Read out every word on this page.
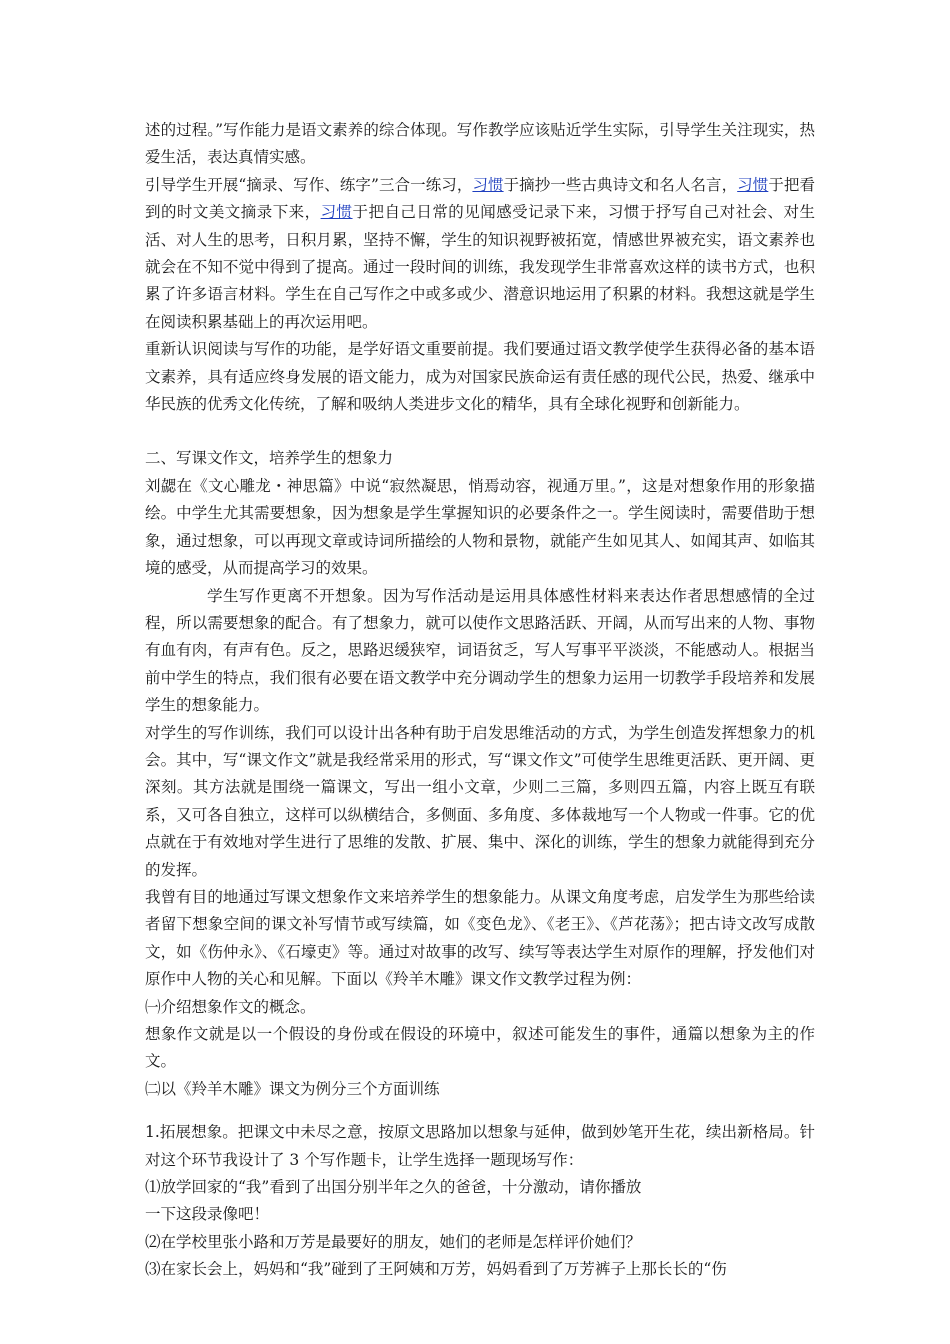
述的过程。”写作能力是语文素养的综合体现。写作教学应该贴近学生实际，引导学生关注现实，热爱生活，表达真情实感。

引导学生开展“摘录、写作、练字”三合一练习，习惯于摘抄一些古典诗文和名人名言，习惯于把看到的时文美文摘录下来，习惯于把自己日常的见闻感受记录下来，习惯于抒写自己对社会、对生活、对人生的思考，日积月累，坚持不懈，学生的知识视野被拓宽，情感世界被充实，语文素养也就会在不知不觉中得到了提高。通过一段时间的训练，我发现学生非常喜欢这样的读书方式，也积累了许多语言材料。学生在自己写作之中或多或少、潜意识地运用了积累的材料。我想这就是学生在阅读积累基础上的再次运用吧。

重新认识阅读与写作的功能，是学好语文重要前提。我们要通过语文教学使学生获得必备的基本语文素养，具有适应终身发展的语文能力，成为对国家民族命运有责任感的现代公民，热爱、继承中华民族的优秀文化传统，了解和吸纳人类进步文化的精华，具有全球化视野和创新能力。

二、写课文作文，培养学生的想象力

刘勰在《文心雕龙・神思篇》中说“寂然凝思，悄焉动容，视通万里。”，这是对想象作用的形象描绘。中学生尤其需要想象，因为想象是学生掌握知识的必要条件之一。学生阅读时，需要借助于想象，通过想象，可以再现文章或诗词所描绘的人物和景物，就能产生如见其人、如闻其声、如临其境的感受，从而提高学习的效果。

学生写作更离不开想象。因为写作活动是运用具体感性材料来表达作者思想感情的全过程，所以需要想象的配合。有了想象力，就可以使作文思路活跃、开阔，从而写出来的人物、事物有血有肉，有声有色。反之，思路迟缓狭窄，词语贫乏，写人写事平平淡淡，不能感动人。根据当前中学生的特点，我们很有必要在语文教学中充分调动学生的想象力运用一切教学手段培养和发展学生的想象能力。

对学生的写作训练，我们可以设计出各种有助于启发思维活动的方式，为学生创造发挥想象力的机会。其中，写“课文作文”就是我经常采用的形式，写“课文作文”可使学生思维更活跃、更开阔、更深刻。其方法就是围绕一篇课文，写出一组小文章，少则二三篇，多则四五篇，内容上既互有联系，又可各自独立，这样可以纵横结合，多侧面、多角度、多体裁地写一个人物或一件事。它的优点就在于有效地对学生进行了思维的发散、扩展、集中、深化的训练，学生的想象力就能得到充分的发挥。

我曾有目的地通过写课文想象作文来培养学生的想象能力。从课文角度考虑，启发学生为那些给读者留下想象空间的课文补写情节或写续篇，如《变色龙》、《老王》、《芦花荡》；把古诗文改写成散文，如《伤仲永》、《石壕吏》等。通过对故事的改写、续写等表达学生对原作的理解，抒发他们对原作中人物的关心和见解。下面以《羚羊木雕》课文作文教学过程为例：

㈠介绍想象作文的概念。

想象作文就是以一个假设的身份或在假设的环境中，叙述可能发生的事件，通篇以想象为主的作文。

㈡以《羚羊木雕》课文为例分三个方面训练

1.拓展想象。把课文中未尽之意，按原文思路加以想象与延伸，做到妙笔开生花，续出新格局。针对这个环节我设计了 3 个写作题卡，让学生选择一题现场写作：

⑴放学回家的“我”看到了出国分别半年之久的爸爸，十分激动，请你播放

一下这段录像吧！

⑵在学校里张小路和万芳是最要好的朋友，她们的老师是怎样评价她们？

⑶在家长会上，妈妈和“我”碰到了王阿姨和万芳，妈妈看到了万芳裤子上那长长的“伤
